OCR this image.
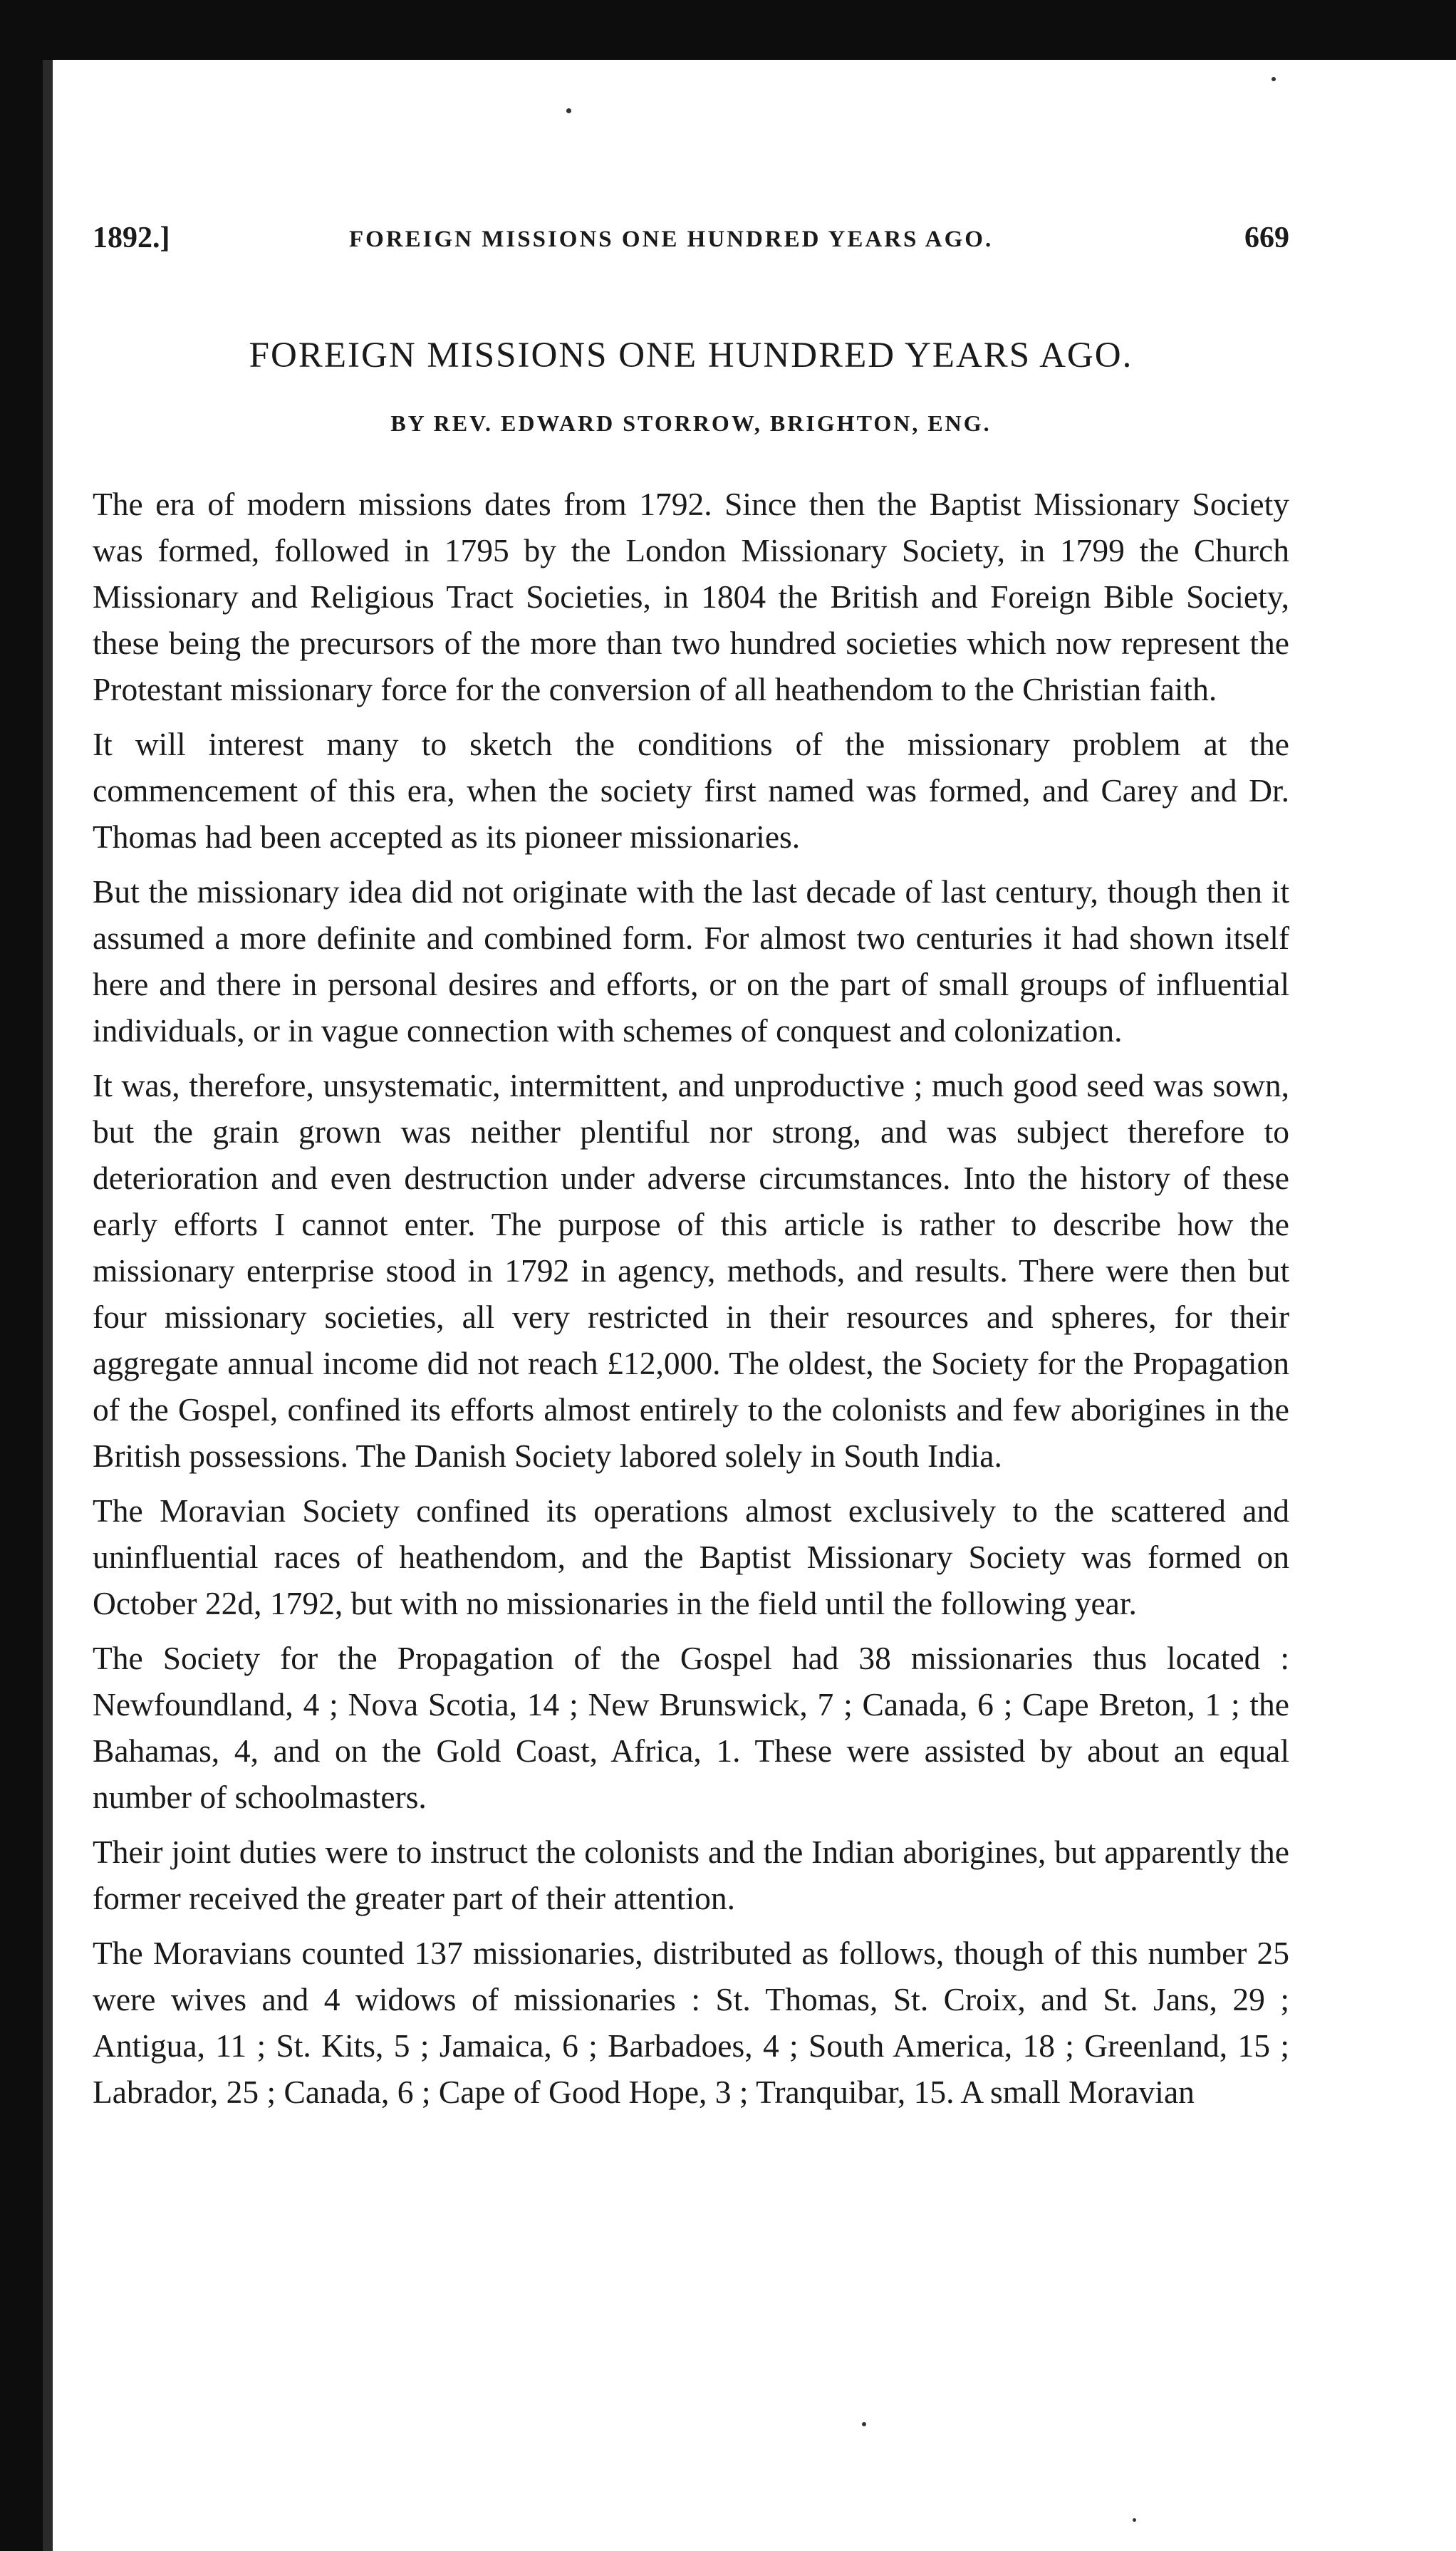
1892.]	FOREIGN MISSIONS ONE HUNDRED YEARS AGO.	669
FOREIGN MISSIONS ONE HUNDRED YEARS AGO.
BY REV. EDWARD STORROW, BRIGHTON, ENG.

The era of modern missions dates from 1792. Since then the Baptist Missionary Society was formed, followed in 1795 by the London Missionary Society, in 1799 the Church Missionary and Religious Tract Societies, in 1804 the British and Foreign Bible Society, these being the precursors of the more than two hundred societies which now represent the Protestant missionary force for the conversion of all heathendom to the Christian faith.

It will interest many to sketch the conditions of the missionary problem at the commencement of this era, when the society first named was formed, and Carey and Dr. Thomas had been accepted as its pioneer missionaries.

But the missionary idea did not originate with the last decade of last century, though then it assumed a more definite and combined form. For almost two centuries it had shown itself here and there in personal desires and efforts, or on the part of small groups of influential individuals, or in vague connection with schemes of conquest and colonization.

It was, therefore, unsystematic, intermittent, and unproductive ; much good seed was sown, but the grain grown was neither plentiful nor strong, and was subject therefore to deterioration and even destruction under adverse circumstances. Into the history of these early efforts I cannot enter. The purpose of this article is rather to describe how the missionary enterprise stood in 1792 in agency, methods, and results. There were then but four missionary societies, all very restricted in their resources and spheres, for their aggregate annual income did not reach £12,000. The oldest, the Society for the Propagation of the Gospel, confined its efforts almost entirely to the colonists and few aborigines in the British possessions. The Danish Society labored solely in South India.

The Moravian Society confined its operations almost exclusively to the scattered and uninfluential races of heathendom, and the Baptist Missionary Society was formed on October 22d, 1792, but with no missionaries in the field until the following year.

The Society for the Propagation of the Gospel had 38 missionaries thus located : Newfoundland, 4 ; Nova Scotia, 14 ; New Brunswick, 7 ; Canada, 6 ; Cape Breton, 1 ; the Bahamas, 4, and on the Gold Coast, Africa, 1. These were assisted by about an equal number of schoolmasters.

Their joint duties were to instruct the colonists and the Indian aborigines, but apparently the former received the greater part of their attention.

The Moravians counted 137 missionaries, distributed as follows, though of this number 25 were wives and 4 widows of missionaries : St. Thomas, St. Croix, and St. Jans, 29 ; Antigua, 11 ; St. Kits, 5 ; Jamaica, 6 ; Barbadoes, 4 ; South America, 18 ; Greenland, 15 ; Labrador, 25 ; Canada, 6 ; Cape of Good Hope, 3 ; Tranquibar, 15. A small Moravian
